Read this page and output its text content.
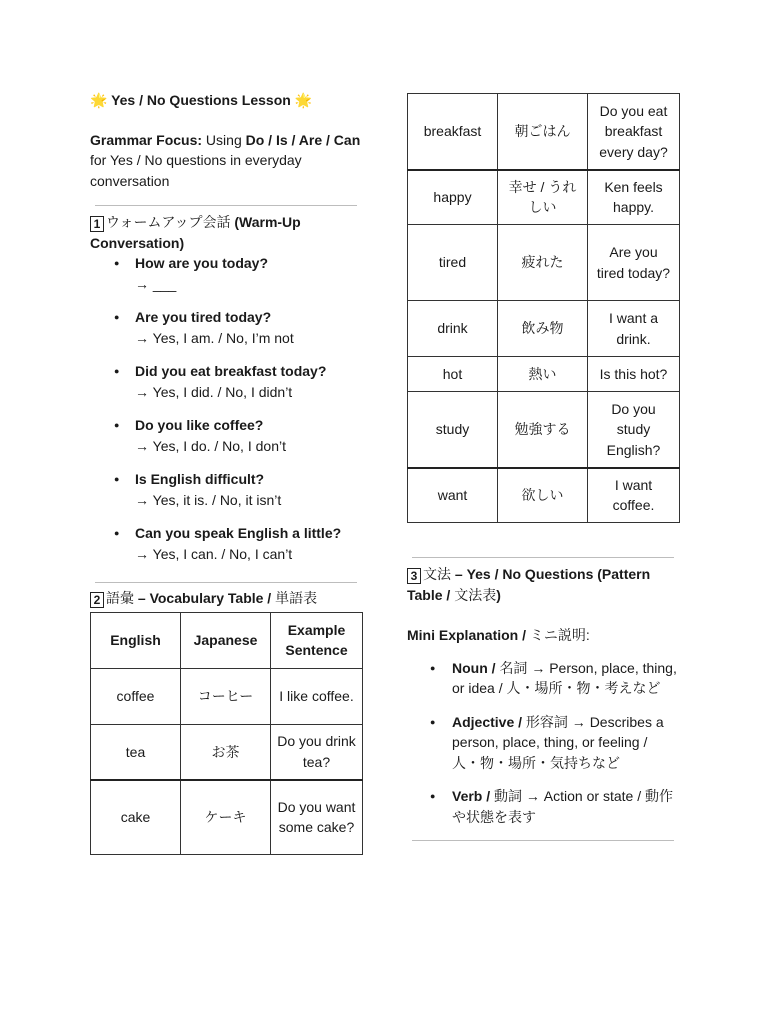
🌟 Yes / No Questions Lesson 🌟

Grammar Focus: Using Do / Is / Are / Can for Yes / No questions in everyday conversation
1 ウォームアップ会話 (Warm-Up Conversation)
● How are you today?
→ ___
● Are you tired today?
→ Yes, I am. / No, I’m not
● Did you eat breakfast today?
→ Yes, I did. / No, I didn’t
● Do you like coffee?
→ Yes, I do. / No, I don’t
● Is English difficult?
→ Yes, it is. / No, it isn’t
● Can you speak English a little?
→ Yes, I can. / No, I can’t
2 語彙 – Vocabulary Table / 単語表
English	Japanese	Example Sentence
coffee	コーヒー	I like coffee.
tea	お茶	Do you drink tea?
cake	ケーキ	Do you want some cake?
breakfast	朝ごはん	Do you eat breakfast every day?
happy	幸せ / うれしい	Ken feels happy.
tired	疲れた	Are you tired today?
drink	飲み物	I want a drink.
hot	熱い	Is this hot?
study	勉強する	Do you study English?
want	欲しい	I want coffee.
3 文法 – Yes / No Questions (Pattern Table / 文法表)
Mini Explanation / ミニ説明:
● Noun / 名詞 → Person, place, thing, or idea / 人・場所・物・考えなど
● Adjective / 形容詞 → Describes a person, place, thing, or feeling / 人・物・場所・気持ちなど
● Verb / 動詞 → Action or state / 動作や状態を表す
